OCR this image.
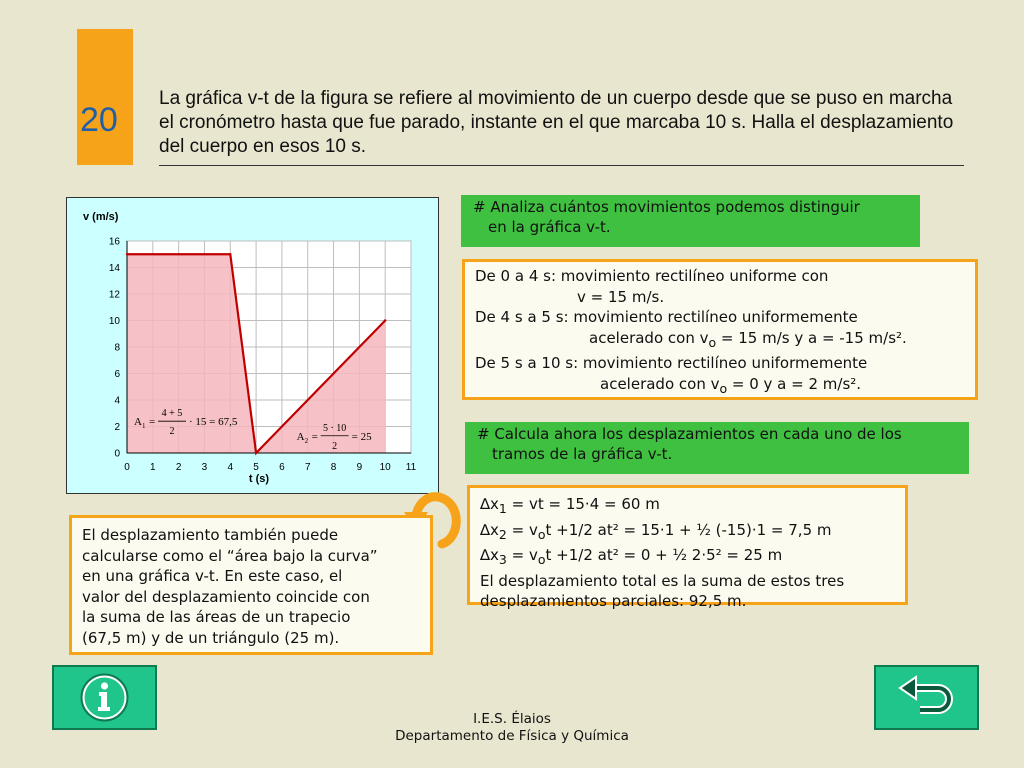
20
La gráfica v-t de la figura se refiere al movimiento de un cuerpo desde que se puso en marcha el cronómetro hasta que fue parado, instante en el que marcaba 10 s. Halla el desplazamiento del cuerpo en esos 10 s.
0 1 2 3 4 5 6 7 8 9 10 11
0
2
4
6
8
10
12
14
16
t (s)
v (m/s)
A 1 =
4 + 5
2
· 15 = 67,5
A 2 =
5 · 10
2
= 25
# Analiza cuántos movimientos podemos distinguir
en la gráfica v-t.
De 0 a 4 s: movimiento rectilíneo uniforme con
v = 15 m/s.
De 4 s a 5 s: movimiento rectilíneo uniformemente
acelerado con $v_o = 15$ m/s y a = -15 m/s².
De 5 s a 10 s: movimiento rectilíneo uniformemente
acelerado con $v_o = 0$ y a = 2 m/s².
# Calcula ahora los desplazamientos en cada uno de los
tramos de la gráfica v-t.
$\Delta x_1$ = vt = 15·4 = 60 m
$\Delta x_2 = v_ot +1/2$ at² = 15·1 + ½ (-15)·1 = 7,5 m
$\Delta x_3 = v_ot +1/2$ at² = 0 + ½ 2·5² = 25 m
El desplazamiento total es la suma de estos tres
desplazamientos parciales: 92,5 m.
El desplazamiento también puede
calcularse como el “área bajo la curva”
en una gráfica v-t. En este caso, el
valor del desplazamiento coincide con
la suma de las áreas de un trapecio
(67,5 m) y de un triángulo (25 m).
I.E.S. Élaios
Departamento de Física y Química
